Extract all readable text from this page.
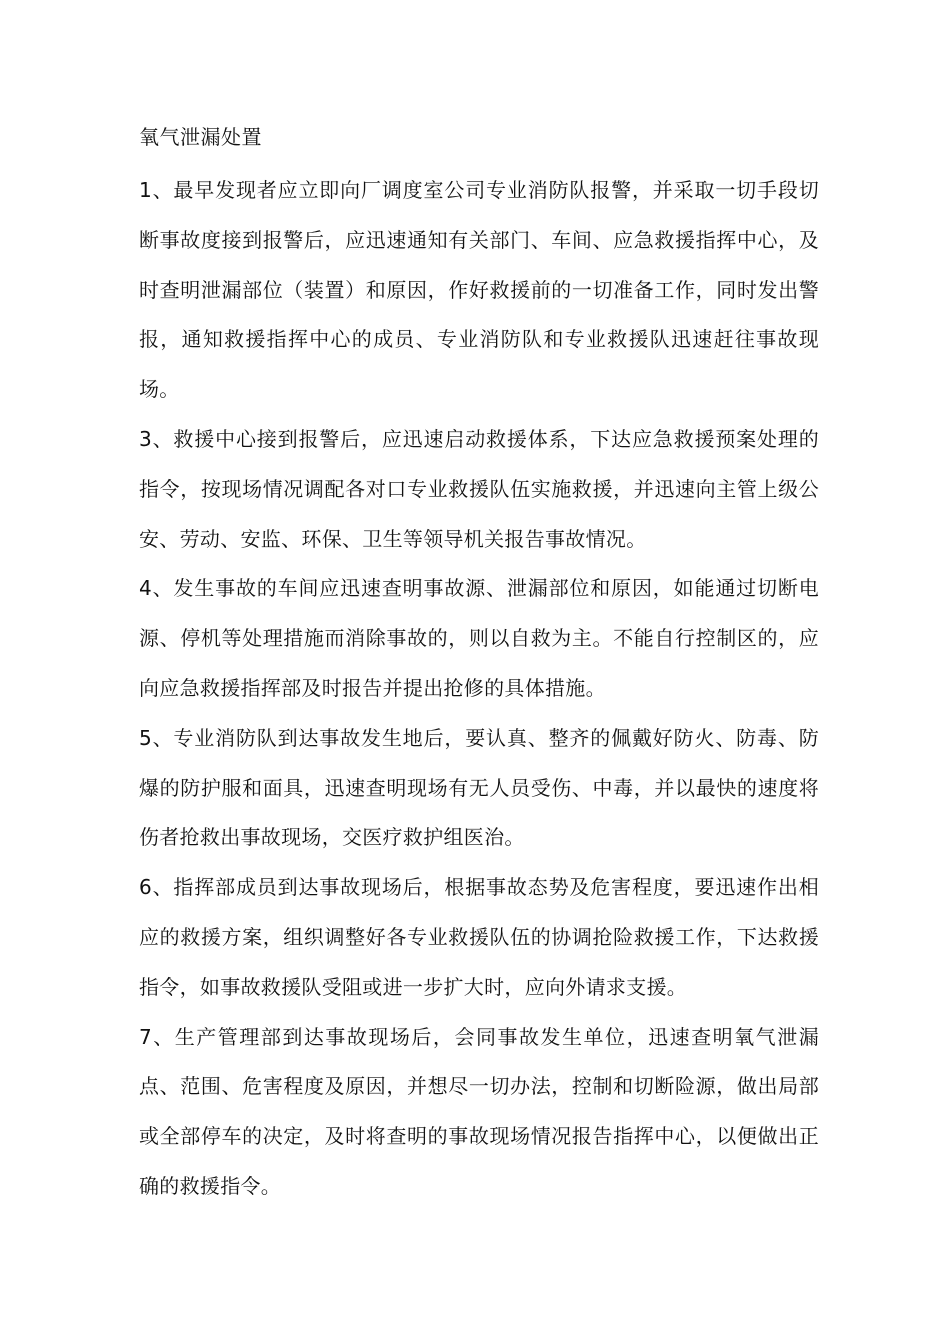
氧气泄漏处置

1、最早发现者应立即向厂调度室公司专业消防队报警，并采取一切手段切断事故度接到报警后，应迅速通知有关部门、车间、应急救援指挥中心，及时查明泄漏部位（装置）和原因，作好救援前的一切准备工作，同时发出警报，通知救援指挥中心的成员、专业消防队和专业救援队迅速赶往事故现场。

3、救援中心接到报警后，应迅速启动救援体系，下达应急救援预案处理的指令，按现场情况调配各对口专业救援队伍实施救援，并迅速向主管上级公安、劳动、安监、环保、卫生等领导机关报告事故情况。

4、发生事故的车间应迅速查明事故源、泄漏部位和原因，如能通过切断电源、停机等处理措施而消除事故的，则以自救为主。不能自行控制区的，应向应急救援指挥部及时报告并提出抢修的具体措施。

5、专业消防队到达事故发生地后，要认真、整齐的佩戴好防火、防毒、防爆的防护服和面具，迅速查明现场有无人员受伤、中毒，并以最快的速度将伤者抢救出事故现场，交医疗救护组医治。

6、指挥部成员到达事故现场后，根据事故态势及危害程度，要迅速作出相应的救援方案，组织调整好各专业救援队伍的协调抢险救援工作，下达救援指令，如事故救援队受阻或进一步扩大时，应向外请求支援。

7、生产管理部到达事故现场后，会同事故发生单位，迅速查明氧气泄漏点、范围、危害程度及原因，并想尽一切办法，控制和切断险源，做出局部或全部停车的决定，及时将查明的事故现场情况报告指挥中心，以便做出正确的救援指令。
